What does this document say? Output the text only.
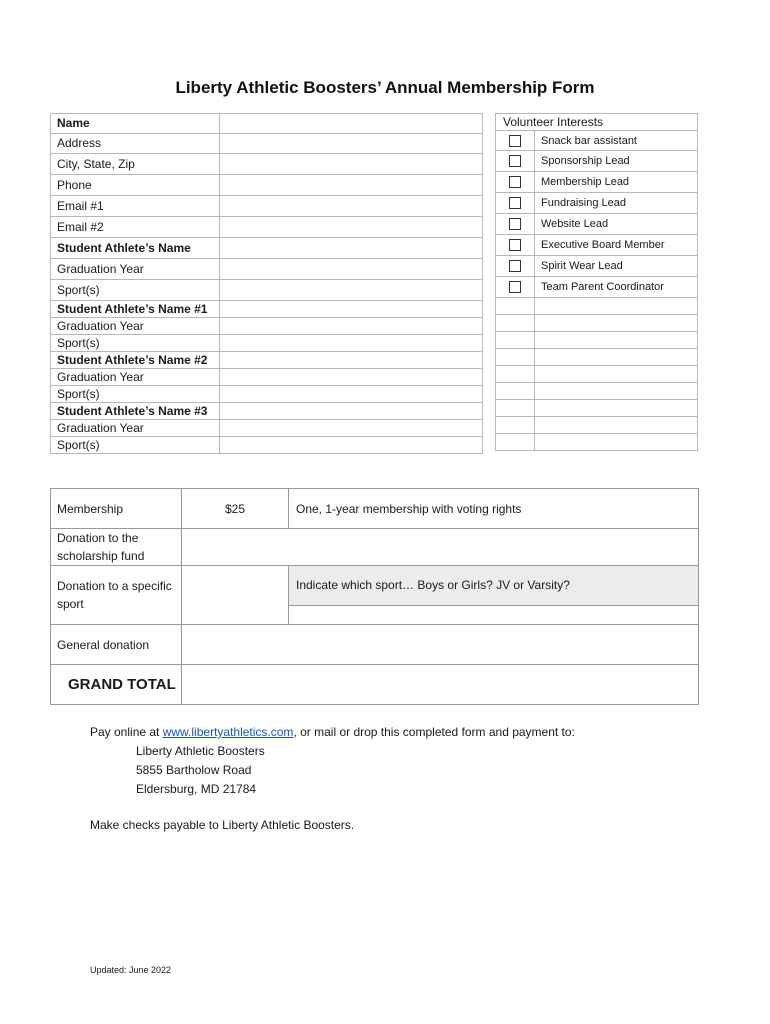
Liberty Athletic Boosters’ Annual Membership Form
Name	
Address	
City, State, Zip	
Phone	
Email #1	
Email #2	
Student Athlete’s Name	
Graduation Year	
Sport(s)	
Student Athlete’s Name #1	
Graduation Year	
Sport(s)	
Student Athlete’s Name #2	
Graduation Year	
Sport(s)	
Student Athlete’s Name #3	
Graduation Year	
Sport(s)	
Volunteer Interests	
	Snack bar assistant
	Sponsorship Lead
	Membership Lead
	Fundraising Lead
	Website Lead
	Executive Board Member
	Spirit Wear Lead
	Team Parent Coordinator

Membership	$25	One, 1-year membership with voting rights
Donation to the scholarship fund		
Donation to a specific sport		Indicate which sport… Boys or Girls? JV or Varsity?

General donation		
GRAND TOTAL		
Pay online at www.libertyathletics.com, or mail or drop this completed form and payment to:
Liberty Athletic Boosters
5855 Bartholow Road
Eldersburg, MD 21784
Make checks payable to Liberty Athletic Boosters.
Updated: June 2022
